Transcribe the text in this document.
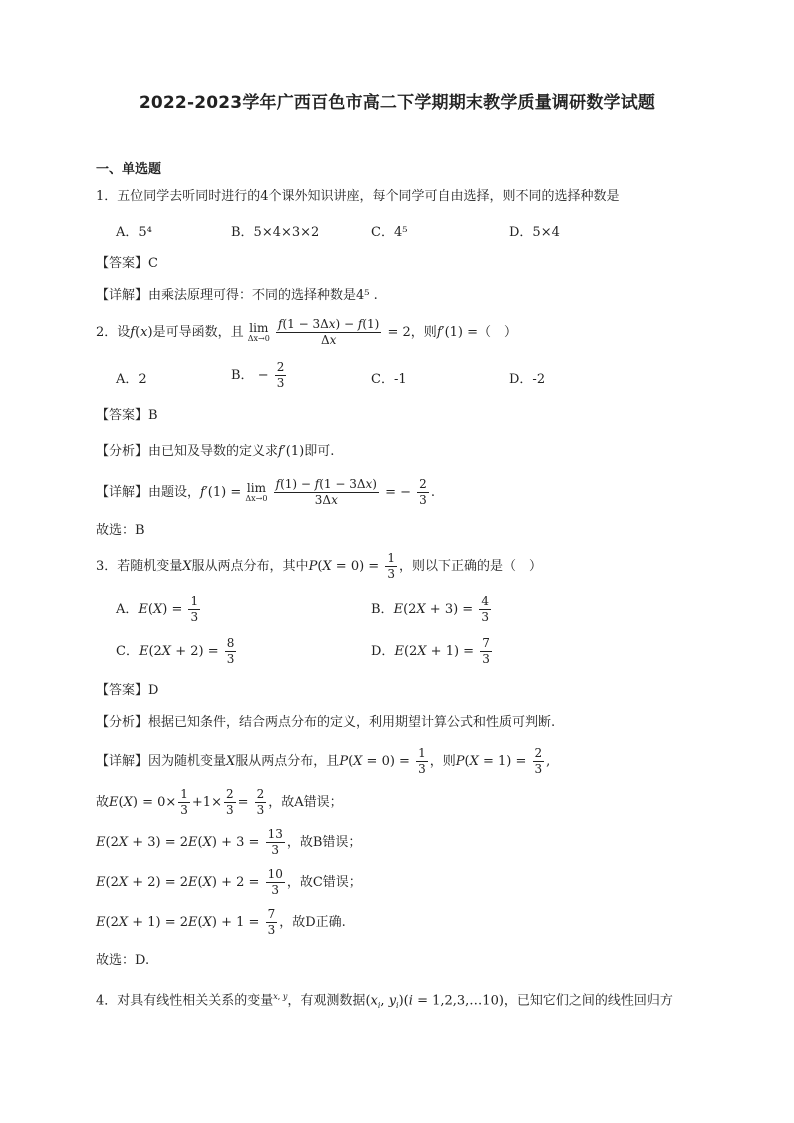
2022-2023学年广西百色市高二下学期期末教学质量调研数学试题
一、单选题
1．五位同学去听同时进行的4个课外知识讲座，每个同学可自由选择，则不同的选择种数是
A．5⁴	B．5×4×3×2	C．4⁵	D．5×4
【答案】C
【详解】由乘法原理可得：不同的选择种数是4⁵ .
2．设f(x)是可导函数，且 lim
Δx→0
$\frac{f(1 - 3\Delta x) - f(1)}{\Delta x} = 2$，则f′(1) =（　）
A．2	B． − $\frac{2}{3}$	C．-1	D．-2
【答案】B
【分析】由已知及导数的定义求f′(1)即可.
【详解】由题设，f′(1) = lim
Δx→0
$\frac{f(1) - f(1 - 3\Delta x)}{3\Delta x}$ = − $\frac{2}{3}$ .
故选：B
3．若随机变量X服从两点分布，其中$P(X = 0) = \frac{1}{3}$ ，则以下正确的是（　）
A．$E(X) = \frac{1}{3}$	B．$E(2X + 3) = \frac{4}{3}$
C．$E(2X + 2) = \frac{8}{3}$	D．$E(2X + 1) = \frac{7}{3}$
【答案】D
【分析】根据已知条件，结合两点分布的定义，利用期望计算公式和性质可判断.
【详解】因为随机变量X服从两点分布，且$P(X = 0) = \frac{1}{3}$ ，则$P(X = 1) = \frac{2}{3}$ ,
故$E(X) = 0\times \frac{1}{3} +1\times \frac{2}{3} = \frac{2}{3}$ ，故A错误；
$E(2X + 3) = 2E(X) + 3 = \frac{13}{3}$ ，故B错误；
$E(2X + 2) = 2E(X) + 2 = \frac{10}{3}$ ，故C错误；
$E(2X + 1) = 2E(X) + 1 = \frac{7}{3}$ ，故D正确.
故选：D.
4．对具有线性相关关系的变量$^{x, y}$，有观测数据($x_i$, $y_i)(i$ = 1,2,3,…10)，已知它们之间的线性回归方
